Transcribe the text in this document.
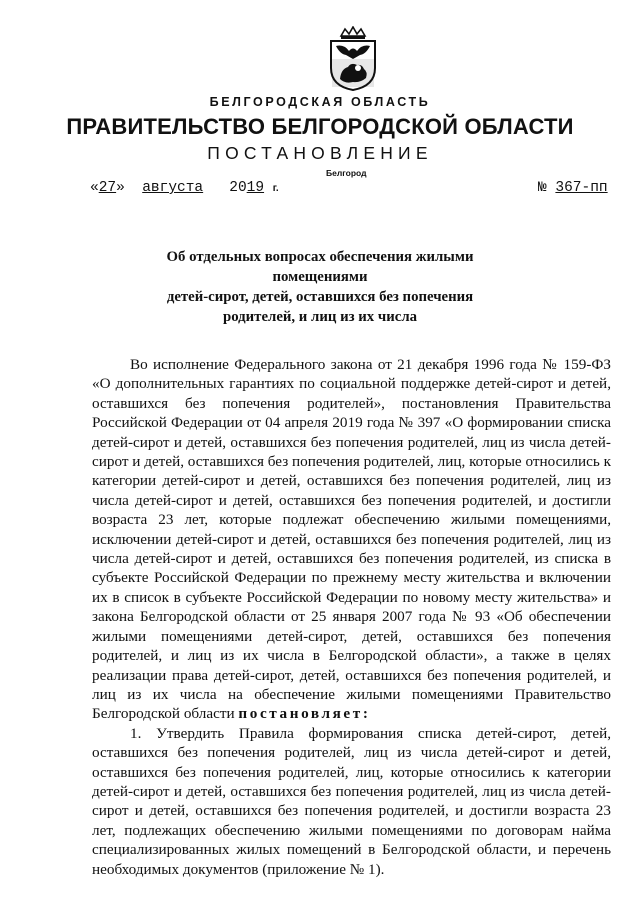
БЕЛГОРОДСКАЯ ОБЛАСТЬ
ПРАВИТЕЛЬСТВО БЕЛГОРОДСКОЙ ОБЛАСТИ
ПОСТАНОВЛЕНИЕ
Белгород
«27» августа 2019 г.	№ 367-пп
Об отдельных вопросах обеспечения жилыми помещениями
детей-сирот, детей, оставшихся без попечения
родителей, и лиц из их числа

Во исполнение Федерального закона от 21 декабря 1996 года № 159-ФЗ «О дополнительных гарантиях по социальной поддержке детей-сирот и детей, оставшихся без попечения родителей», постановления Правительства Российской Федерации от 04 апреля 2019 года № 397 «О формировании списка детей-сирот и детей, оставшихся без попечения родителей, лиц из числа детей-сирот и детей, оставшихся без попечения родителей, лиц, которые относились к категории детей-сирот и детей, оставшихся без попечения родителей, лиц из числа детей-сирот и детей, оставшихся без попечения родителей, и достигли возраста 23 лет, которые подлежат обеспечению жилыми помещениями, исключении детей-сирот и детей, оставшихся без попечения родителей, лиц из числа детей-сирот и детей, оставшихся без попечения родителей, из списка в субъекте Российской Федерации по прежнему месту жительства и включении их в список в субъекте Российской Федерации по новому месту жительства» и закона Белгородской области от 25 января 2007 года № 93 «Об обеспечении жилыми помещениями детей-сирот, детей, оставшихся без попечения родителей, и лиц из их числа в Белгородской области», а также в целях реализации права детей-сирот, детей, оставшихся без попечения родителей, и лиц из их числа на обеспечение жилыми помещениями Правительство Белгородской области постановляет:

1. Утвердить Правила формирования списка детей-сирот, детей, оставшихся без попечения родителей, лиц из числа детей-сирот и детей, оставшихся без попечения родителей, лиц, которые относились к категории детей-сирот и детей, оставшихся без попечения родителей, лиц из числа детей-сирот и детей, оставшихся без попечения родителей, и достигли возраста 23 лет, подлежащих обеспечению жилыми помещениями по договорам найма специализированных жилых помещений в Белгородской области, и перечень необходимых документов (приложение № 1).
